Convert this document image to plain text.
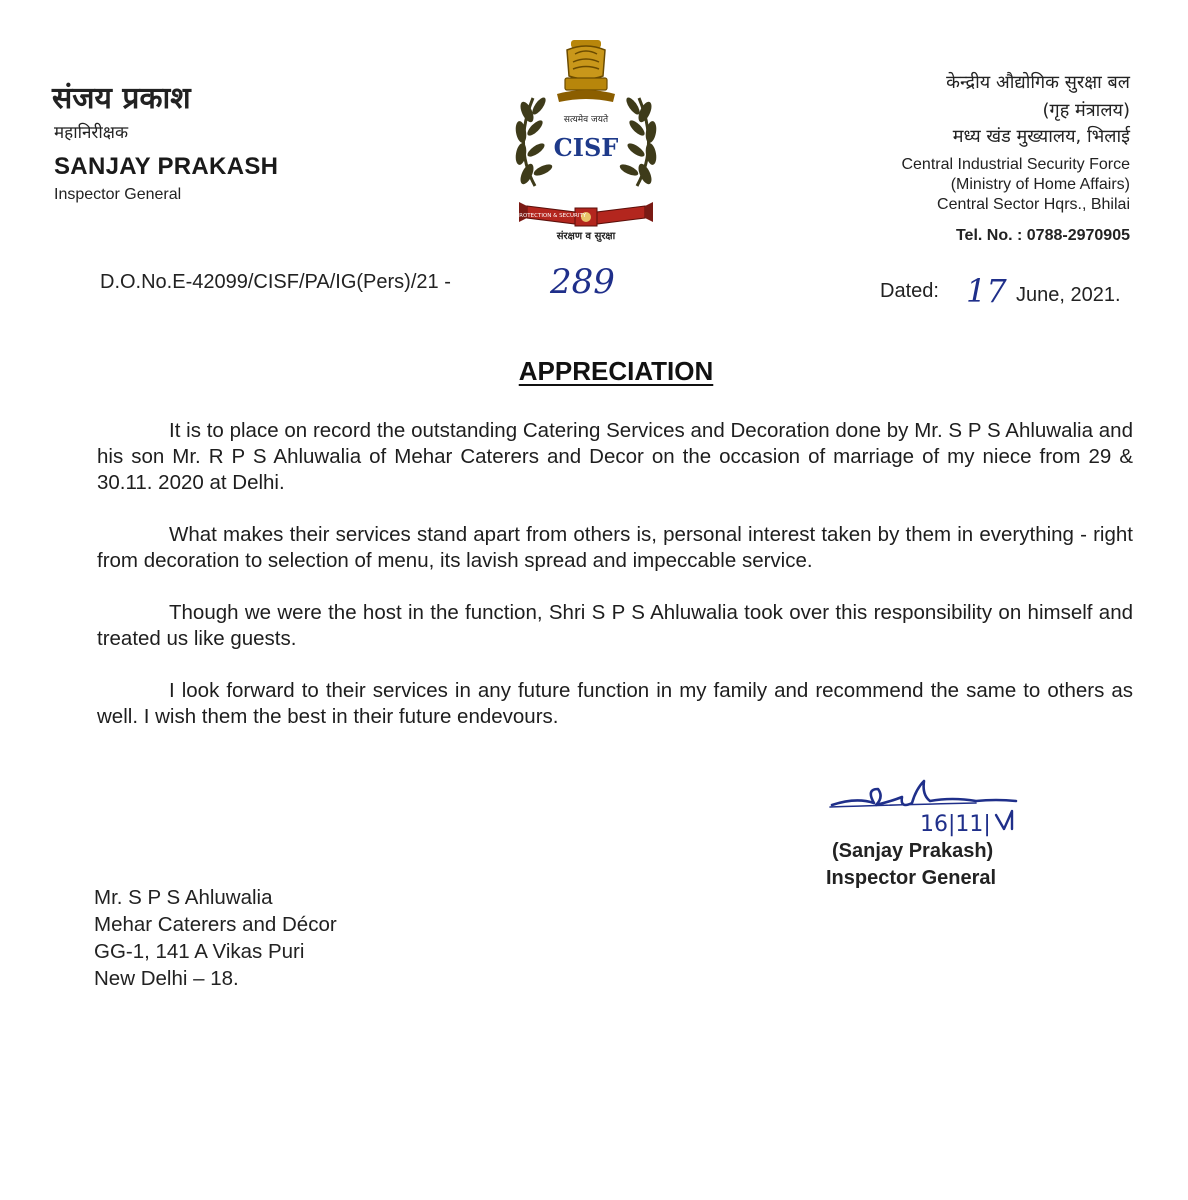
संजय प्रकाश
महानिरीक्षक
SANJAY PRAKASH
Inspector General
सत्यमेव जयते
CISF
PROTECTION & SECURITY
संरक्षण व सुरक्षा
केन्द्रीय औद्योगिक सुरक्षा बल
(गृह मंत्रालय)
मध्य खंड मुख्यालय, भिलाई
Central Industrial Security Force
(Ministry of Home Affairs)
Central Sector Hqrs., Bhilai
Tel. No. : 0788-2970905
D.O.No.E-42099/CISF/PA/IG(Pers)/21 -	289	Dated: 17 June, 2021.
APPRECIATION

It is to place on record the outstanding Catering Services and Decoration done by Mr. S P S Ahluwalia and his son Mr. R P S Ahluwalia of Mehar Caterers and Decor on the occasion of marriage of my niece from 29 & 30.11. 2020 at Delhi.

What makes their services stand apart from others is, personal interest taken by them in everything - right from decoration to selection of menu, its lavish spread and impeccable service.

Though we were the host in the function, Shri S P S Ahluwalia took over this responsibility on himself and treated us like guests.

I look forward to their services in any future function in my family and recommend the same to others as well. I wish them the best in their future endevours.

16|11|
(Sanjay Prakash)
Inspector General
Mr. S P S Ahluwalia
Mehar Caterers and Décor
GG-1, 141 A Vikas Puri
New Delhi – 18.
